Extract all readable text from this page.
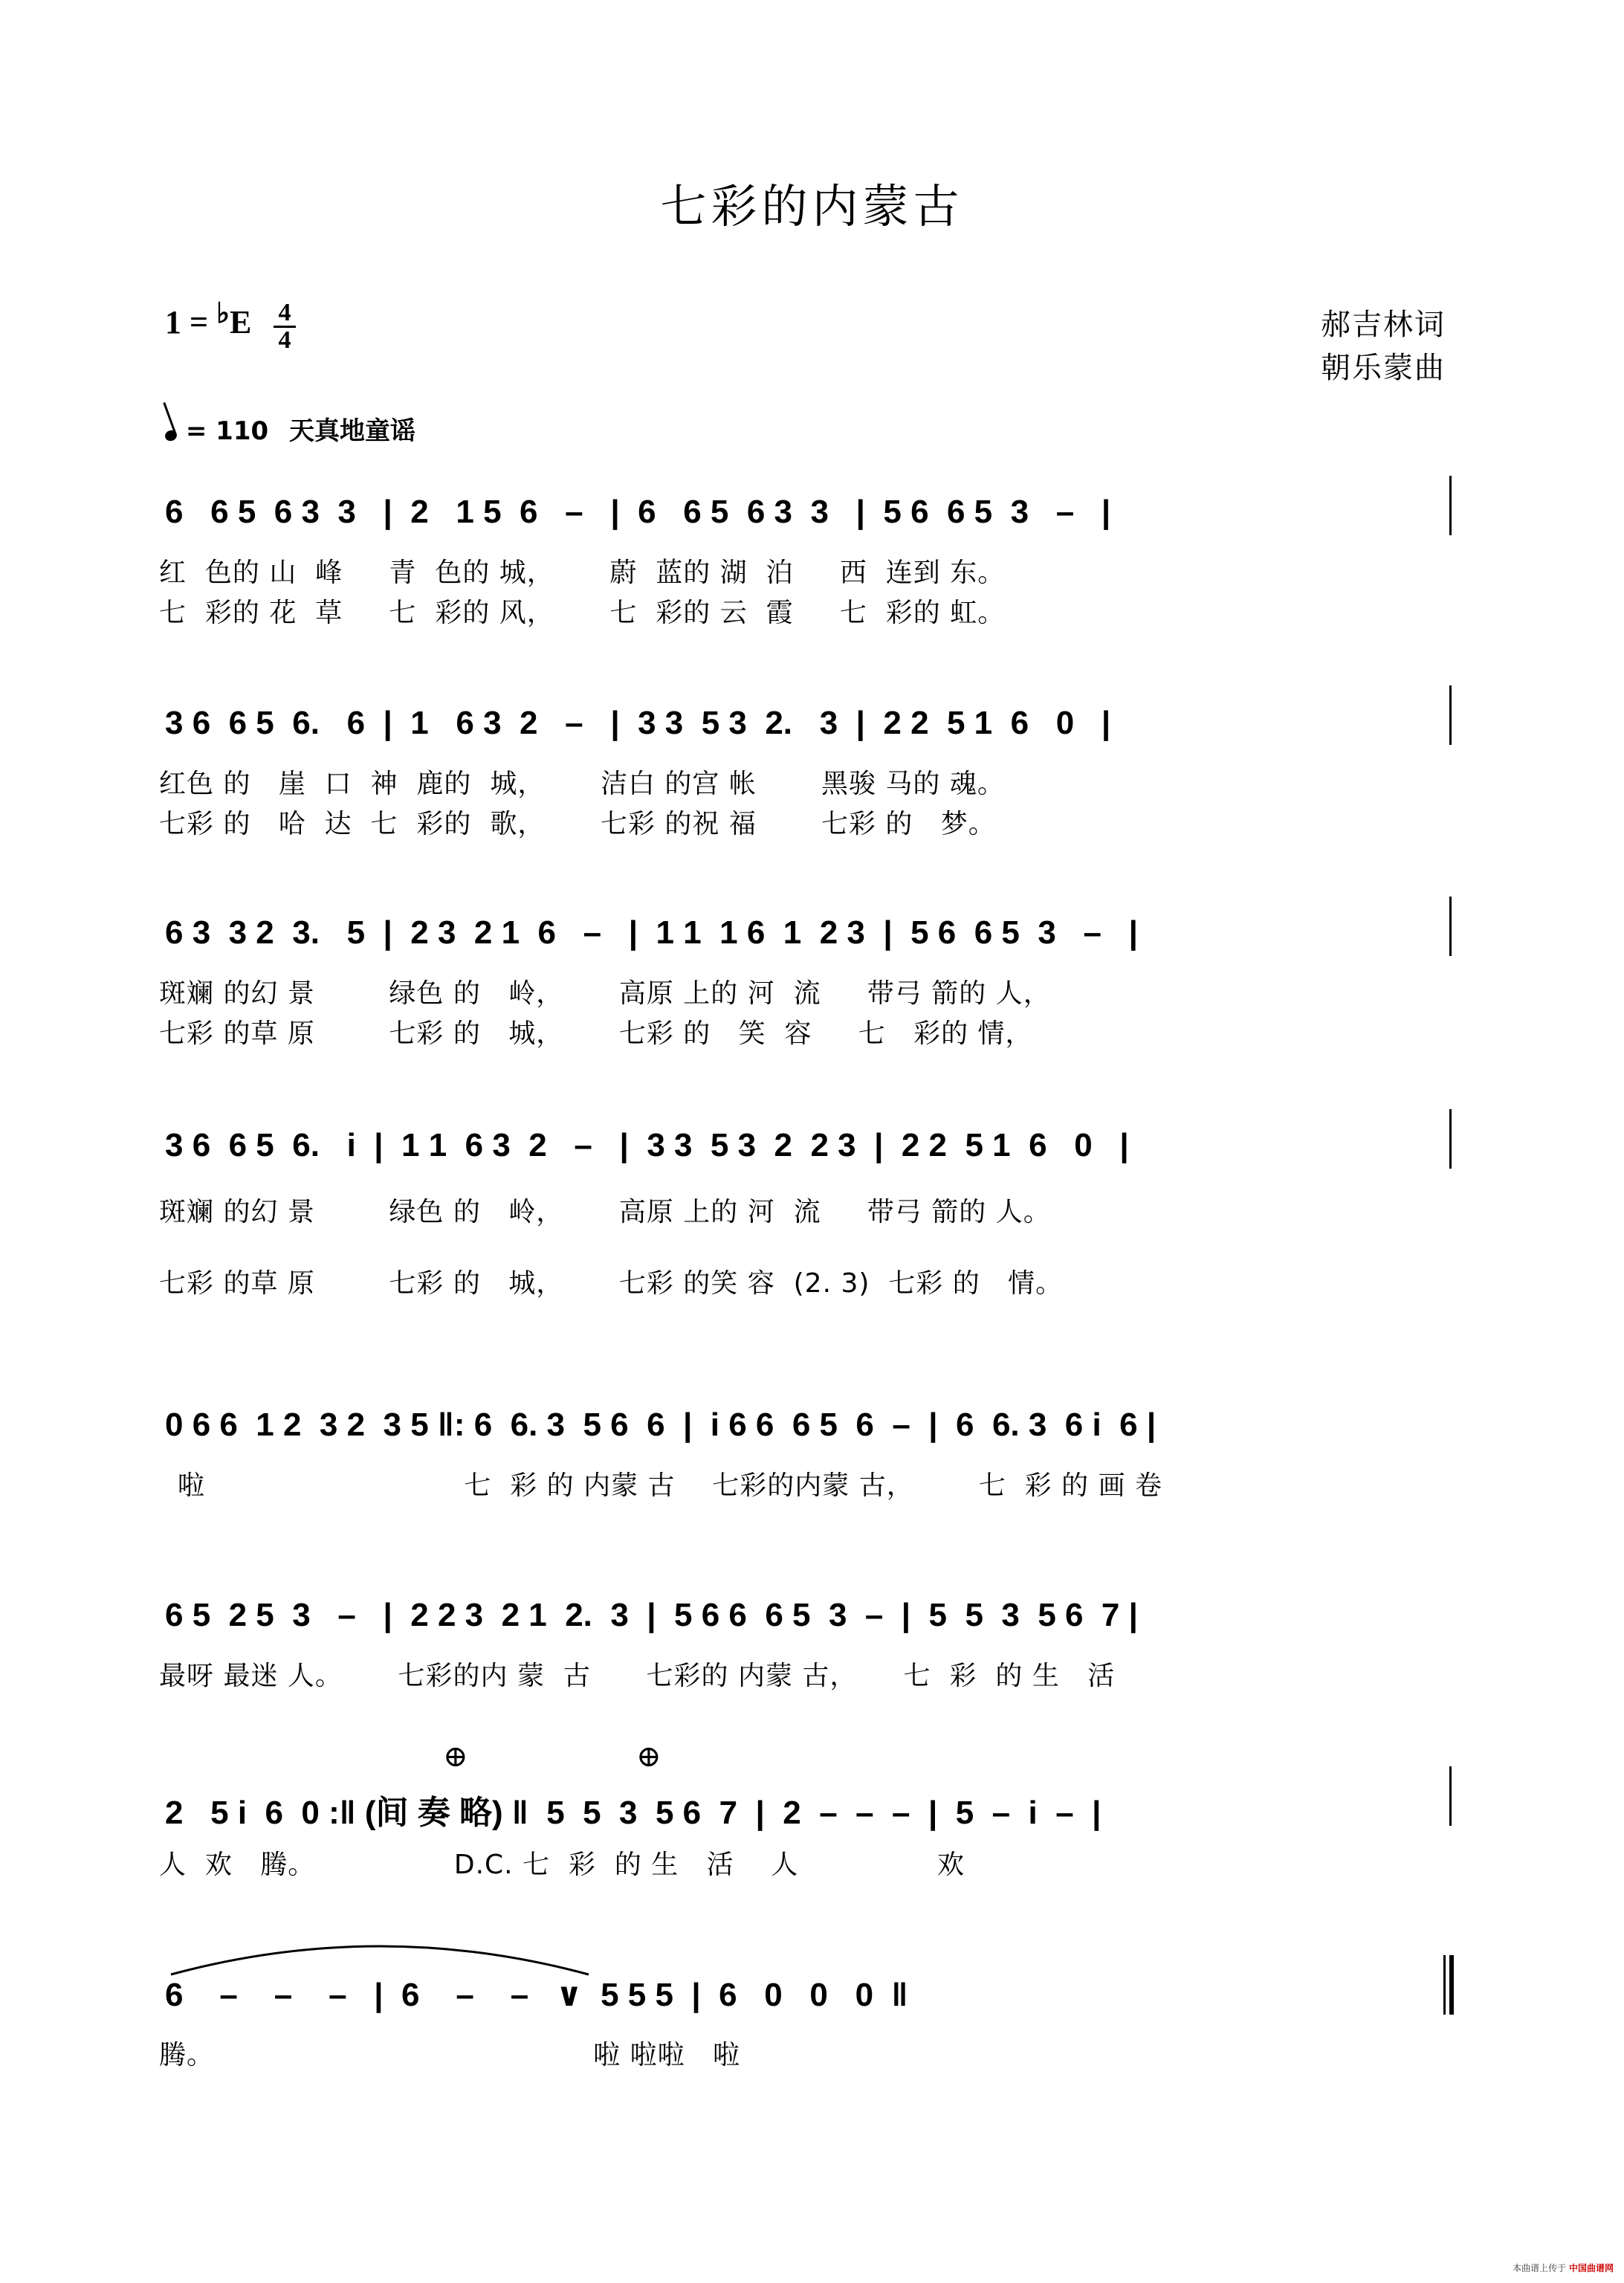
七彩的内蒙古
1 = ♭E 4
4	郝吉林词
朝乐蒙曲
= 110 天真地童谣
6   6 5  6 3  3   |  2   1 5  6   –   |  6   6 5  6 3  3   |  5 6  6 5  3   –   |
红  色的 山  峰     青  色的 城，      蔚  蓝的 湖  泊     西  连到 东。
七  彩的 花  草     七  彩的 风，      七  彩的 云  霞     七  彩的 虹。
3 6  6 5  6.   6  |  1   6 3  2   –   |  3 3  5 3  2.   3  |  2 2  5 1  6   0   |
红色 的   崖  口  神  鹿的  城，      洁白 的宫 帐       黑骏 马的 魂。
七彩 的   哈  达  七  彩的  歌，      七彩 的祝 福       七彩 的   梦。
6 3  3 2  3.   5  |  2 3  2 1  6   –   |  1 1  1 6  1  2 3  |  5 6  6 5  3   –   |
斑斓 的幻 景        绿色 的   岭，      高原 上的 河  流     带弓 箭的 人，
七彩 的草 原        七彩 的   城，      七彩 的   笑  容     七   彩的 情，
3 6  6 5  6.   i  |  1 1  6 3  2   –   |  3 3  5 3  2  2 3  |  2 2  5 1  6   0   |
斑斓 的幻 景        绿色 的   岭，      高原 上的 河  流     带弓 箭的 人。
七彩 的草 原        七彩 的   城，      七彩 的笑 容  (2. 3)  七彩 的   情。
0 6 6  1 2  3 2  3 5 ‖: 6  6. 3  5 6  6  |  i 6 6  6 5  6  –  |  6  6. 3  6 i  6 |
啦                            七  彩 的 内蒙 古    七彩的内蒙 古，       七  彩 的 画 卷
6 5  2 5  3   –   |  2 2 3  2 1  2.  3  |  5 6 6  6 5  3  –  |  5  5  3  5 6  7 |
最呀 最迷 人。      七彩的内 蒙  古      七彩的 内蒙 古，     七  彩  的 生   活
2   5 i  6  0 :‖ (间 奏 略) ‖  5  5  3  5 6  7  |  2  –  –  –  |  5  –  i  –  |
人  欢   腾。               D.C. 七  彩  的 生   活    人               欢
⊕	⊕
6    –    –    –   |  6    –    –   ∨  5 5 5  |  6   0   0   0  ‖
腾。                                         啦 啦啦   啦
本曲谱上传于 中国曲谱网
